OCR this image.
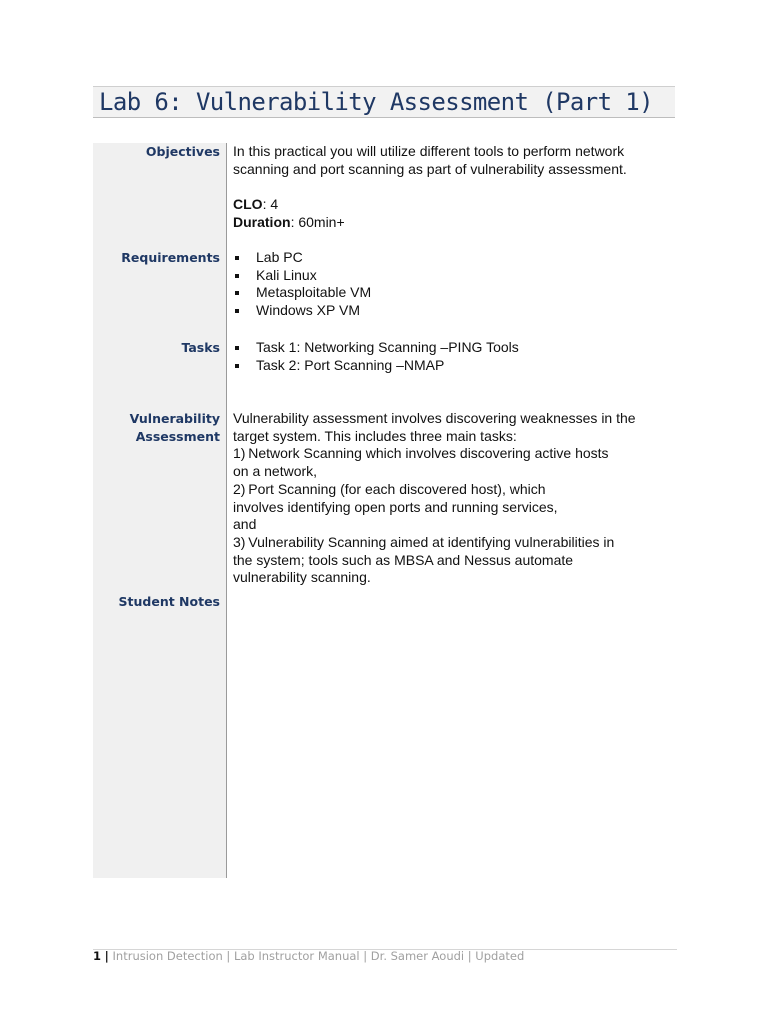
Lab 6: Vulnerability Assessment (Part 1)
Objectives In this practical you will utilize different tools to perform network scanning and port scanning as part of vulnerability assessment.

CLO: 4
Duration: 60min+
Requirements	Lab PC
Kali Linux
Metasploitable VM
Windows XP VM
Tasks	Task 1: Networking Scanning –PING Tools
Task 2: Port Scanning –NMAP
Vulnerability
Assessment

Vulnerability assessment involves discovering weaknesses in the

target system. This includes three main tasks:

1) Network Scanning which involves discovering active hosts

on a network,

2) Port Scanning (for each discovered host), which

involves identifying open ports and running services,

and

3) Vulnerability Scanning aimed at identifying vulnerabilities in

the system; tools such as MBSA and Nessus automate

vulnerability scanning.

Student Notes
1 | Intrusion Detection | Lab Instructor Manual | Dr. Samer Aoudi | Updated
